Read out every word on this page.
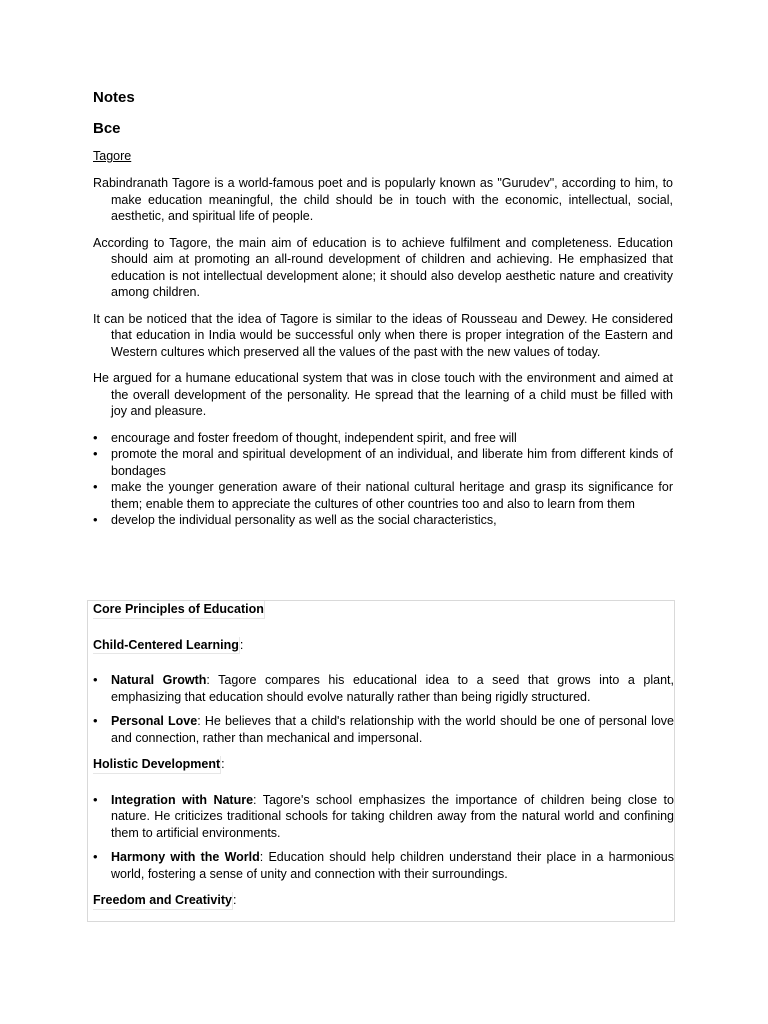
Notes
Bce
Tagore

Rabindranath Tagore is a world-famous poet and is popularly known as "Gurudev", according to him, to make education meaningful, the child should be in touch with the economic, intellectual, social, aesthetic, and spiritual life of people.

According to Tagore, the main aim of education is to achieve fulfilment and completeness. Education should aim at promoting an all-round development of children and achieving. He emphasized that education is not intellectual development alone; it should also develop aesthetic nature and creativity among children.

It can be noticed that the idea of Tagore is similar to the ideas of Rousseau and Dewey. He considered that education in India would be successful only when there is proper integration of the Eastern and Western cultures which preserved all the values of the past with the new values of today.

He argued for a humane educational system that was in close touch with the environment and aimed at the overall development of the personality. He spread that the learning of a child must be filled with joy and pleasure.

• encourage and foster freedom of thought, independent spirit, and free will
• promote the moral and spiritual development of an individual, and liberate him from different kinds of bondages
• make the younger generation aware of their national cultural heritage and grasp its significance for them; enable them to appreciate the cultures of other countries too and also to learn from them
• develop the individual personality as well as the social characteristics,

Core Principles of Education

Child-Centered Learning:

• Natural Growth: Tagore compares his educational idea to a seed that grows into a plant, emphasizing that education should evolve naturally rather than being rigidly structured.
• Personal Love: He believes that a child's relationship with the world should be one of personal love and connection, rather than mechanical and impersonal.

Holistic Development:

• Integration with Nature: Tagore's school emphasizes the importance of children being close to nature. He criticizes traditional schools for taking children away from the natural world and confining them to artificial environments.
• Harmony with the World: Education should help children understand their place in a harmonious world, fostering a sense of unity and connection with their surroundings.

Freedom and Creativity:
